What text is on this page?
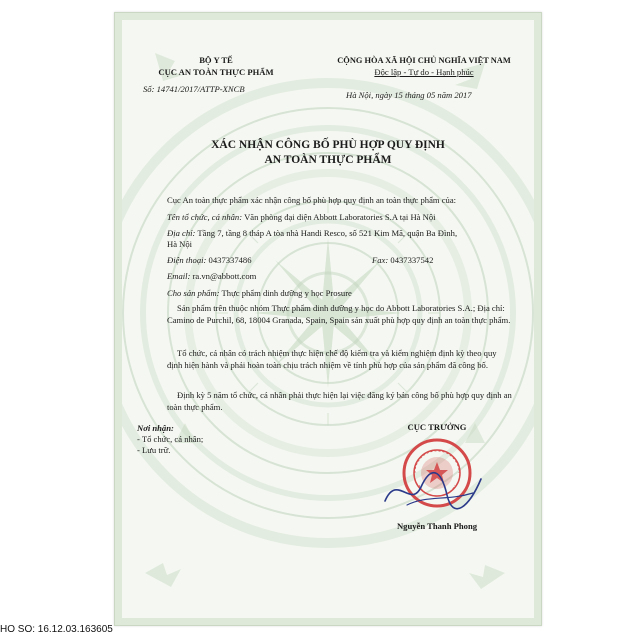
BỘ Y TẾ
CỤC AN TOÀN THỰC PHẨM
Số: 14741/2017/ATTP-XNCB
CỘNG HÒA XÃ HỘI CHỦ NGHĨA VIỆT NAM
Độc lập - Tự do - Hạnh phúc
Hà Nội, ngày 15 tháng 05 năm 2017
XÁC NHẬN CÔNG BỐ PHÙ HỢP QUY ĐỊNH
AN TOÀN THỰC PHẨM
Cục An toàn thực phẩm xác nhận công bố phù hợp quy định an toàn thực phẩm của:
Tên tổ chức, cá nhân: Văn phòng đại diện Abbott Laboratories S.A tại Hà Nội
Địa chỉ: Tầng 7, tầng 8 tháp A tòa nhà Handi Resco, số 521 Kim Mã, quận Ba Đình,
Hà Nội
Điện thoại: 0437337486	Fax: 0437337542
Email: ra.vn@abbott.com
Cho sản phẩm: Thực phẩm dinh dưỡng y học Prosure
Sản phẩm trên thuộc nhóm Thực phẩm dinh dưỡng y học do Abbott Laboratories S.A.; Địa chỉ: Camino de Purchil, 68, 18004 Granada, Spain, Spain sản xuất phù hợp quy định an toàn thực phẩm.
Tổ chức, cá nhân có trách nhiệm thực hiện chế độ kiểm tra và kiểm nghiệm định kỳ theo quy định hiện hành và phải hoàn toàn chịu trách nhiệm về tính phù hợp của sản phẩm đã công bố.
Định kỳ 5 năm tổ chức, cá nhân phải thực hiện lại việc đăng ký bản công bố phù hợp quy định an toàn thực phẩm.
Nơi nhận:
- Tổ chức, cá nhân;
- Lưu trữ.
CỤC TRƯỞNG
Nguyễn Thanh Phong
HO SO: 16.12.03.163605
